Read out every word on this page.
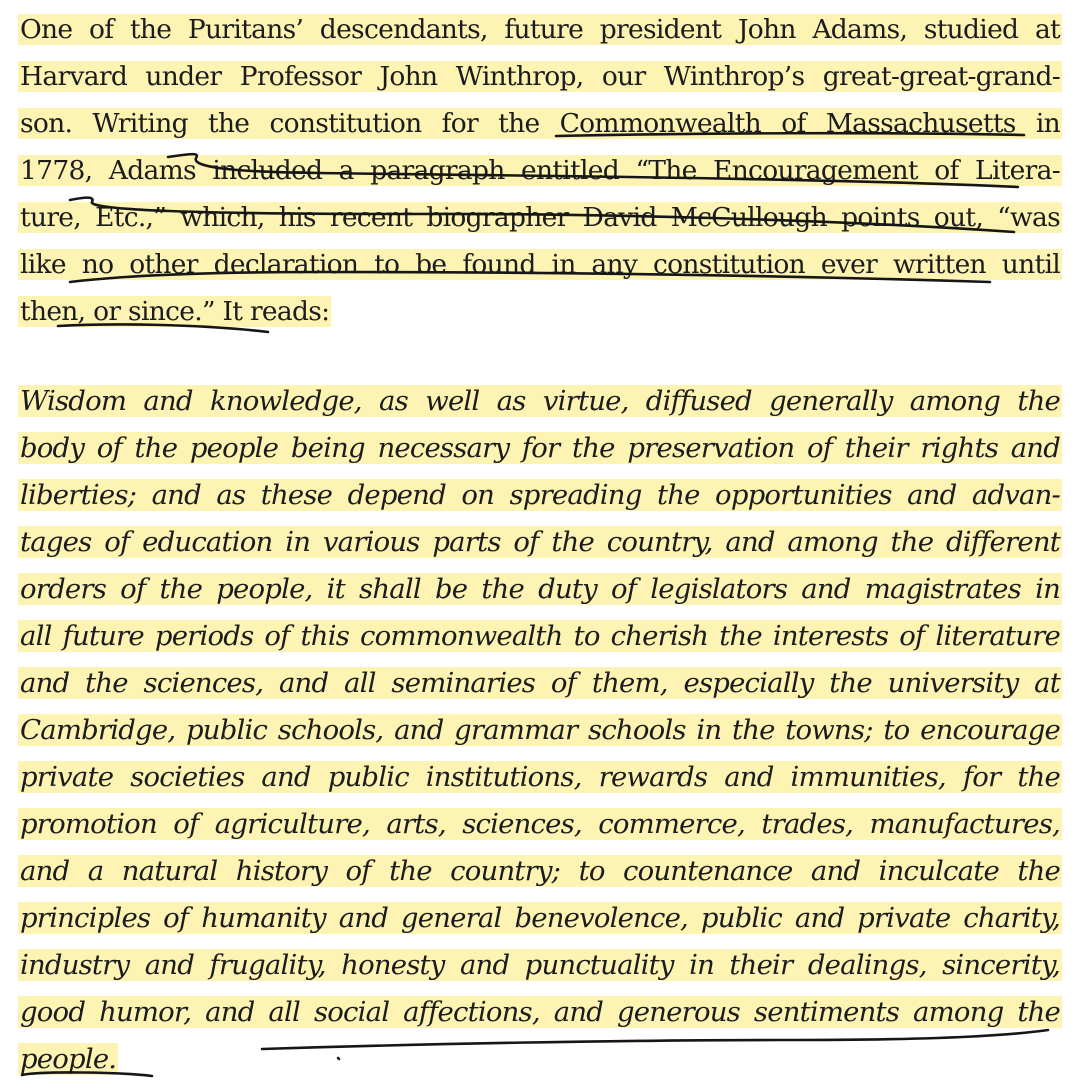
One of the Puritans’ descendants, future president John Adams, studied at
Harvard under Professor John Winthrop, our Winthrop’s great-great-grand-
son. Writing the constitution for the Commonwealth of Massachusetts in
1778, Adams included a paragraph entitled “The Encouragement of Litera-
ture, Etc.,” which, his recent biographer David McCullough points out, “was
like no other declaration to be found in any constitution ever written until
then, or since.” It reads:
Wisdom and knowledge, as well as virtue, diffused generally among the
body of the people being necessary for the preservation of their rights and
liberties; and as these depend on spreading the opportunities and advan-
tages of education in various parts of the country, and among the different
orders of the people, it shall be the duty of legislators and magistrates in
all future periods of this commonwealth to cherish the interests of literature
and the sciences, and all seminaries of them, especially the university at
Cambridge, public schools, and grammar schools in the towns; to encourage
private societies and public institutions, rewards and immunities, for the
promotion of agriculture, arts, sciences, commerce, trades, manufactures,
and a natural history of the country; to countenance and inculcate the
principles of humanity and general benevolence, public and private charity,
industry and frugality, honesty and punctuality in their dealings, sincerity,
good humor, and all social affections, and generous sentiments among the
people.
